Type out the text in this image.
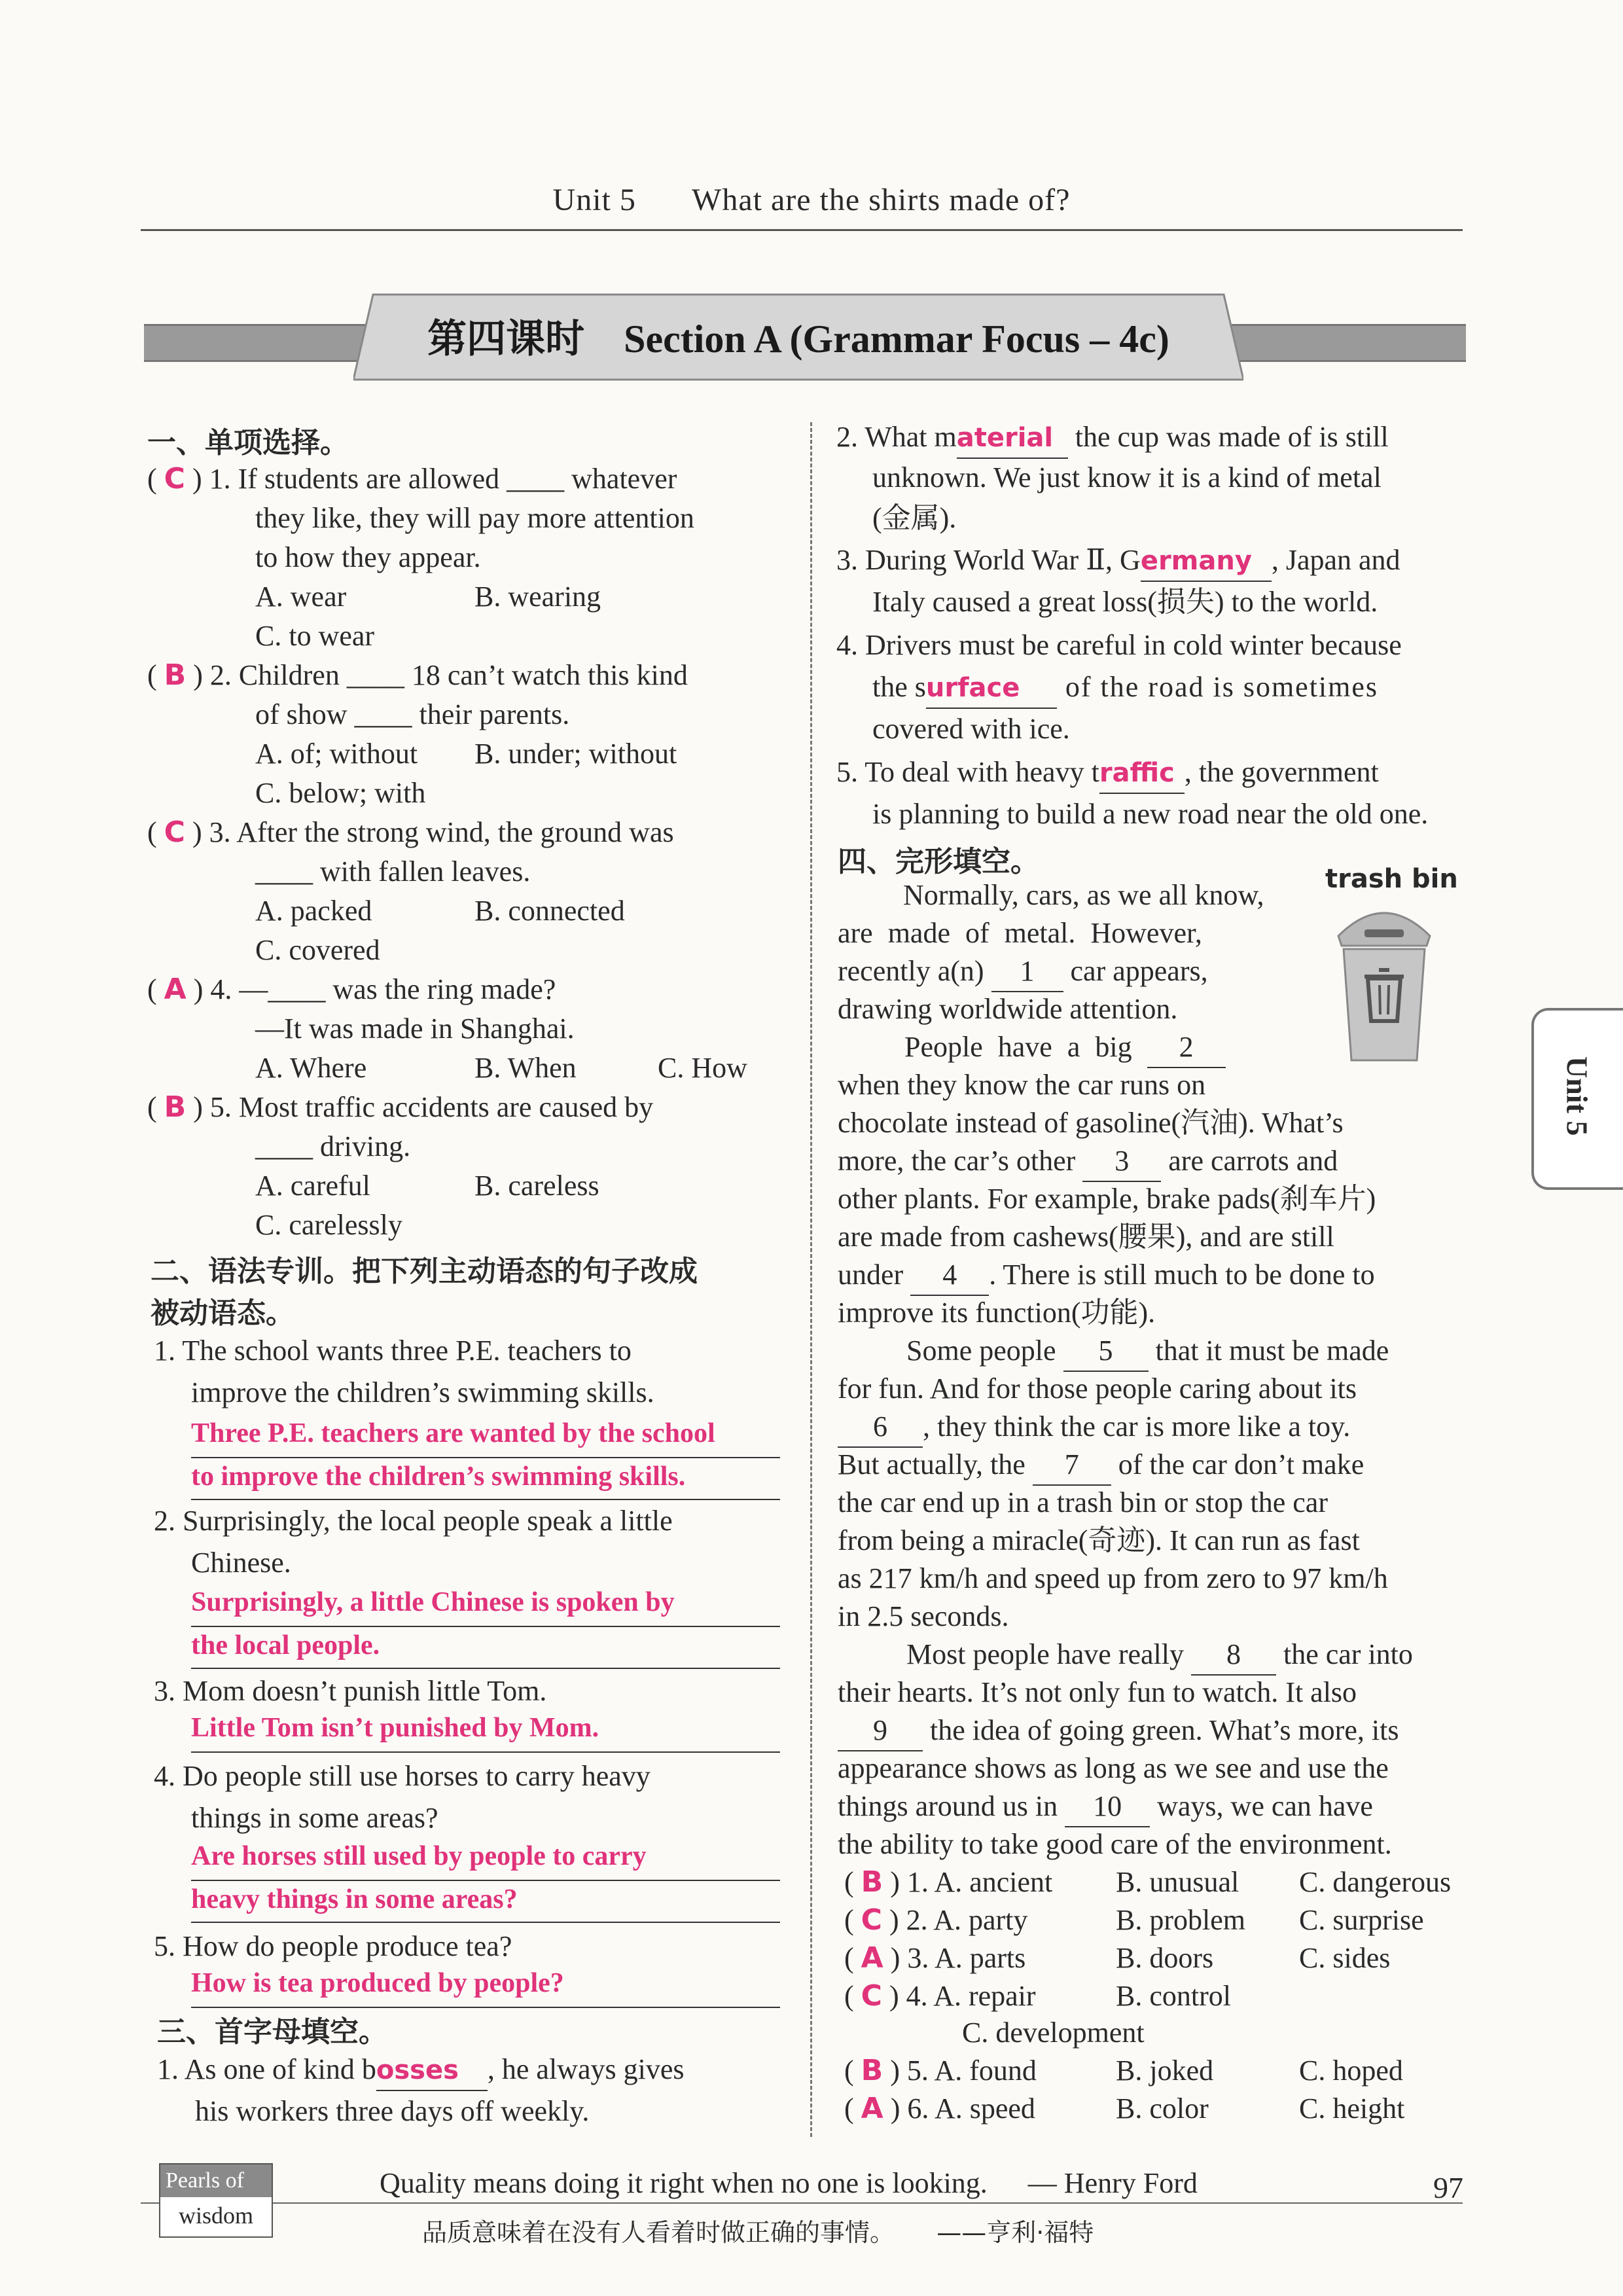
Unit 5 What are the shirts made of?
第四课时 Section A (Grammar Focus – 4c)
Unit 5
一、单项选择。
( C ) 1. If students are allowed ____ whatever
they like, they will pay more attention
to how they appear.
A. wear	B. wearing
C. to wear
( B ) 2. Children ____ 18 can’t watch this kind
of show ____ their parents.
A. of; without B. under; without
C. below; with
( C ) 3. After the strong wind, the ground was
____ with fallen leaves.
A. packed	B. connected
C. covered
( A ) 4. —____ was the ring made?
—It was made in Shanghai.
A. Where	B. When	C. How
( B ) 5. Most traffic accidents are caused by
____ driving.
A. careful	B. careless
C. carelessly
二、语法专训。把下列主动语态的句子改成
被动语态。
1. The school wants three P.E. teachers to
improve the children’s swimming skills.
Three P.E. teachers are wanted by the school
to improve the children’s swimming skills.
2. Surprisingly, the local people speak a little
Chinese.
Surprisingly, a little Chinese is spoken by
the local people.
3. Mom doesn’t punish little Tom.
Little Tom isn’t punished by Mom.
4. Do people still use horses to carry heavy
things in some areas?
Are horses still used by people to carry
heavy things in some areas?
5. How do people produce tea?
How is tea produced by people?
三、首字母填空。
1. As one of kind bosses , he always gives
his workers three days off weekly.
2. What material the cup was made of is still
unknown. We just know it is a kind of metal
(金属).
3. During World War Ⅱ, Germany , Japan and
Italy caused a great loss(损失) to the world.
4. Drivers must be careful in cold winter because
the surface of the road is sometimes
covered with ice.
5. To deal with heavy traffic , the government
is planning to build a new road near the old one.
四、完形填空。
trash bin
Normally, cars, as we all know,
are made of metal. However,
recently a(n) 1 car appears,
drawing worldwide attention.
People have a big 2
when they know the car runs on
chocolate instead of gasoline(汽油). What’s
more, the car’s other 3 are carrots and
other plants. For example, brake pads(刹车片)
are made from cashews(腰果), and are still
under 4 . There is still much to be done to
improve its function(功能).
Some people 5 that it must be made
for fun. And for those people caring about its
6 , they think the car is more like a toy.
But actually, the 7 of the car don’t make
the car end up in a trash bin or stop the car
from being a miracle(奇迹). It can run as fast
as 217 km/h and speed up from zero to 97 km/h
in 2.5 seconds.
Most people have really 8 the car into
their hearts. It’s not only fun to watch. It also
9 the idea of going green. What’s more, its
appearance shows as long as we see and use the
things around us in 10 ways, we can have
the ability to take good care of the environment.
( B ) 1. A. ancient B. unusual C. dangerous
( C ) 2. A. party	B. problem C. surprise
( A ) 3. A. parts	B. doors	C. sides
( C ) 4. A. repair	B. control
C. development
( B ) 5. A. found	B. joked	C. hoped
( A ) 6. A. speed	B. color	C. height
Pearls of
wisdom
Quality means doing it right when no one is looking. — Henry Ford	97
品质意味着在没有人看着时做正确的事情。 ——亨利·福特
